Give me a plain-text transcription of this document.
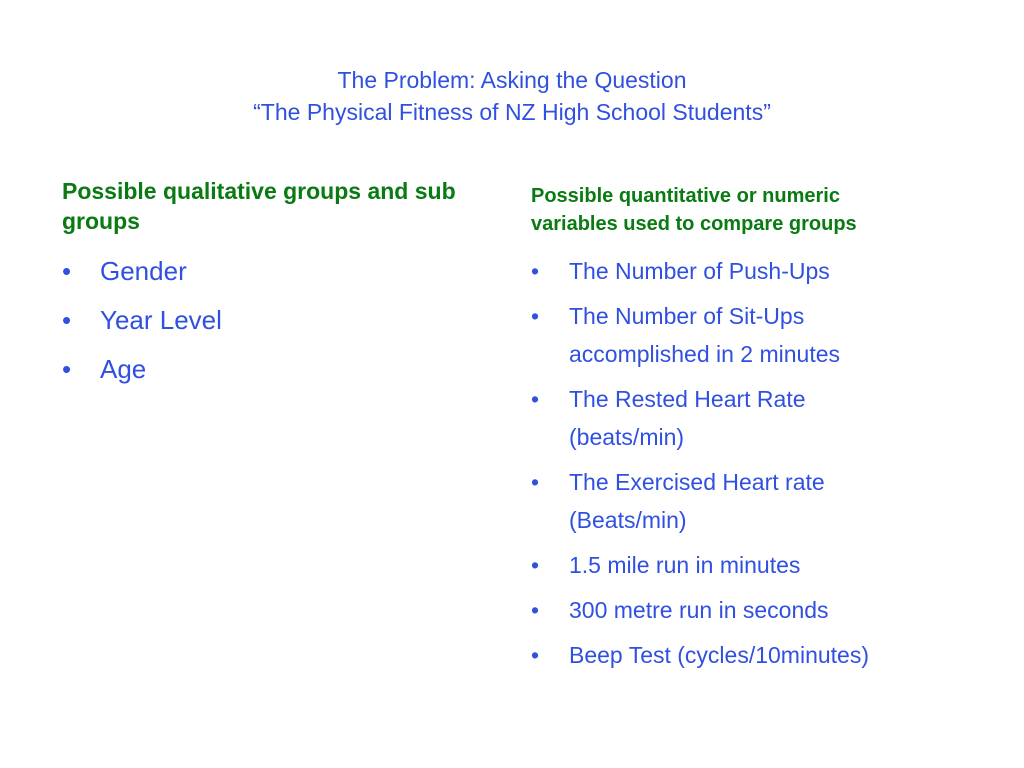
The Problem: Asking the Question
“The Physical Fitness of NZ High School Students”
Possible qualitative groups and sub groups
• Gender
• Year Level
• Age
Possible quantitative or numeric
variables used to compare groups
• The Number of Push-Ups
• The Number of Sit-Ups
accomplished in 2 minutes
• The Rested Heart Rate
(beats/min)
• The Exercised Heart rate
(Beats/min)
• 1.5 mile run in minutes
• 300 metre run in seconds
• Beep Test (cycles/10minutes)
